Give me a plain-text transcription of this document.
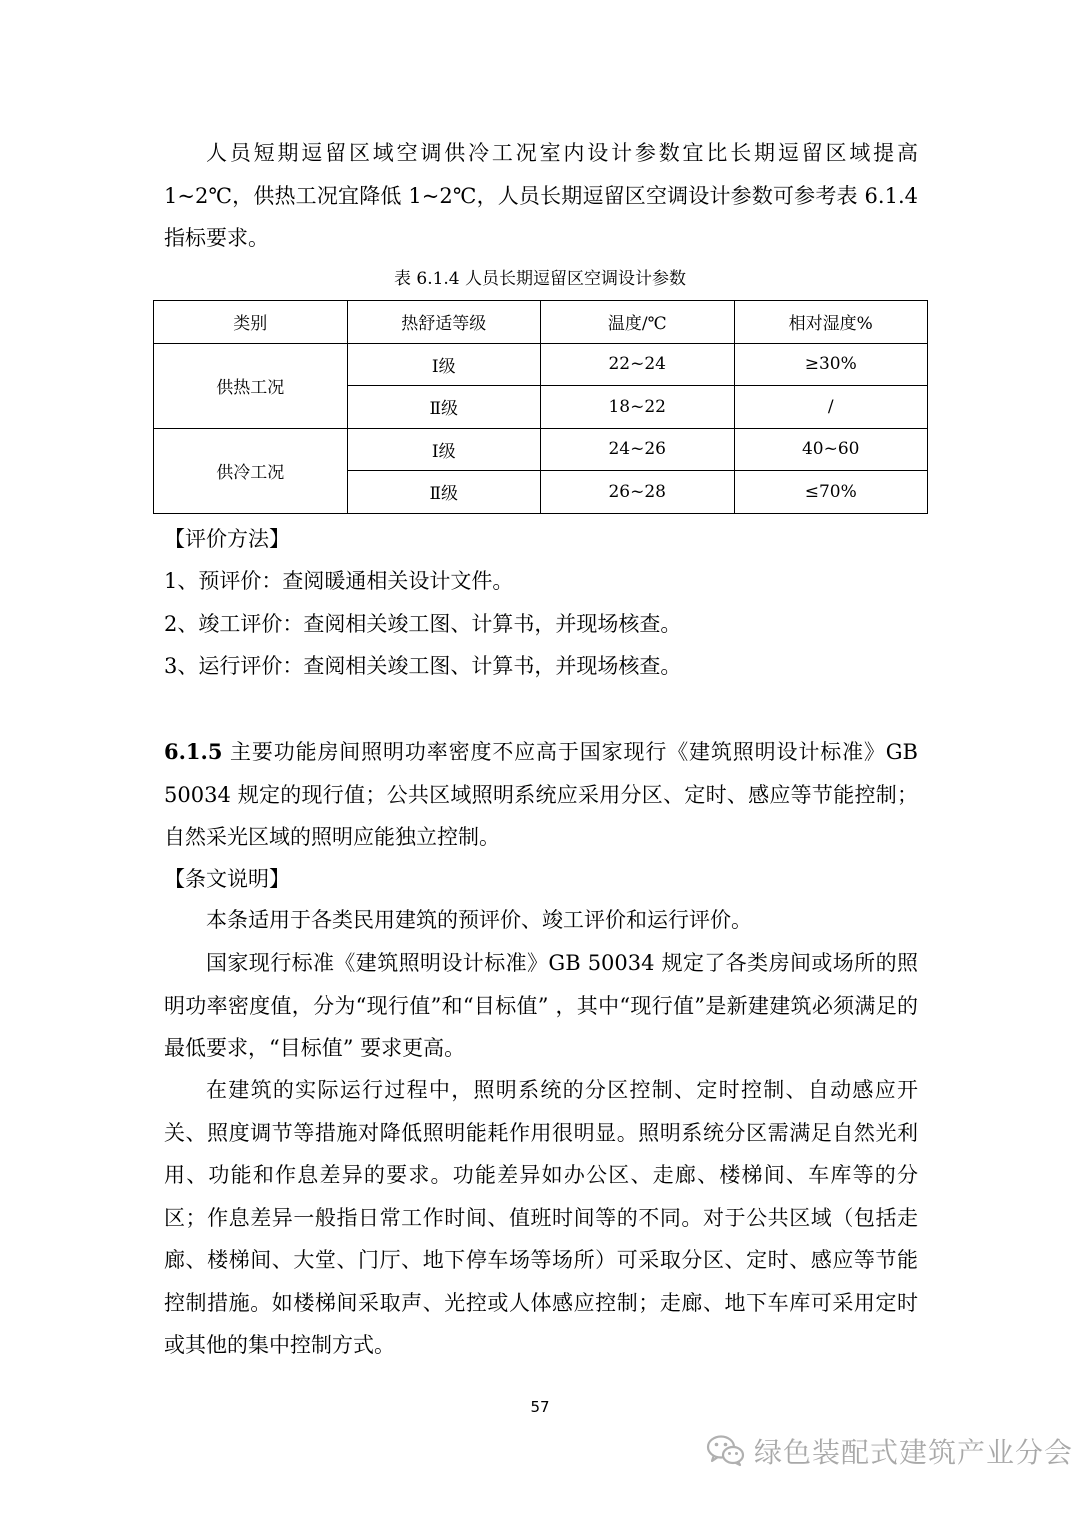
人员短期逗留区域空调供冷工况室内设计参数宜比长期逗留区域提高1~2℃，供热工况宜降低 1~2℃，人员长期逗留区空调设计参数可参考表 6.1.4 指标要求。

表 6.1.4 人员长期逗留区空调设计参数
类别	热舒适等级	温度/℃	相对湿度%
供热工况	Ⅰ级	22~24	≥30%
	Ⅱ级	18~22	/
供冷工况	Ⅰ级	24~26	40~60
	Ⅱ级	26~28	≤70%
【评价方法】
1、预评价：查阅暖通相关设计文件。
2、竣工评价：查阅相关竣工图、计算书，并现场核查。
3、运行评价：查阅相关竣工图、计算书，并现场核查。

6.1.5 主要功能房间照明功率密度不应高于国家现行《建筑照明设计标准》GB 50034 规定的现行值；公共区域照明系统应采用分区、定时、感应等节能控制；自然采光区域的照明应能独立控制。

【条文说明】

本条适用于各类民用建筑的预评价、竣工评价和运行评价。

国家现行标准《建筑照明设计标准》GB 50034 规定了各类房间或场所的照明功率密度值，分为“现行值”和“目标值” ，其中“现行值”是新建建筑必须满足的最低要求，“目标值” 要求更高。

在建筑的实际运行过程中，照明系统的分区控制、定时控制、自动感应开关、照度调节等措施对降低照明能耗作用很明显。照明系统分区需满足自然光利用、功能和作息差异的要求。功能差异如办公区、走廊、楼梯间、车库等的分区；作息差异一般指日常工作时间、值班时间等的不同。对于公共区域（包括走廊、楼梯间、大堂、门厅、地下停车场等场所）可采取分区、定时、感应等节能控制措施。如楼梯间采取声、光控或人体感应控制；走廊、地下车库可采用定时或其他的集中控制方式。

57
绿色装配式建筑产业分会
